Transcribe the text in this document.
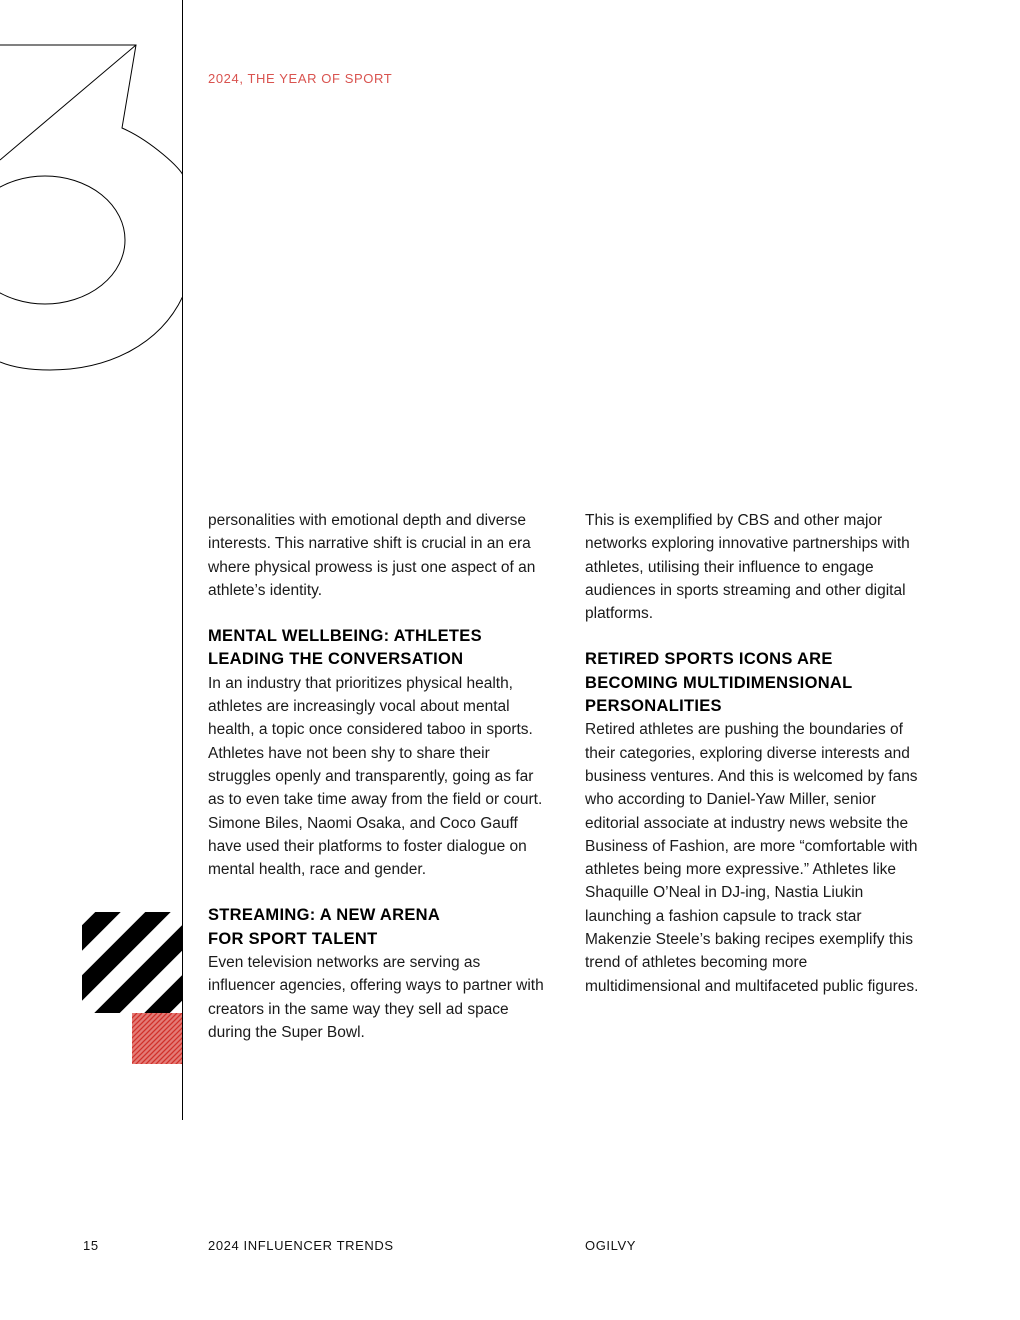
2024, THE YEAR OF SPORT

personalities with emotional depth and diverse interests. This narrative shift is crucial in an era where physical prowess is just one aspect of an athlete’s identity.

MENTAL WELLBEING: ATHLETES
LEADING THE CONVERSATION

In an industry that prioritizes physical health, athletes are increasingly vocal about mental health, a topic once considered taboo in sports. Athletes have not been shy to share their struggles openly and transparently, going as far as to even take time away from the field or court. Simone Biles, Naomi Osaka, and Coco Gauff have used their platforms to foster dialogue on mental health, race and gender.

STREAMING: A NEW ARENA
FOR SPORT TALENT

Even television networks are serving as influencer agencies, offering ways to partner with creators in the same way they sell ad space during the Super Bowl.

This is exemplified by CBS and other major networks exploring innovative partnerships with athletes, utilising their influence to engage audiences in sports streaming and other digital platforms.

RETIRED SPORTS ICONS ARE
BECOMING MULTIDIMENSIONAL
PERSONALITIES

Retired athletes are pushing the boundaries of their categories, exploring diverse interests and business ventures. And this is welcomed by fans who according to Daniel-Yaw Miller, senior editorial associate at industry news website the Business of Fashion, are more “comfortable with athletes being more expressive.” Athletes like Shaquille O’Neal in DJ-ing, Nastia Liukin launching a fashion capsule to track star Makenzie Steele’s baking recipes exemplify this trend of athletes becoming more multidimensional and multifaceted public figures.

15	2024 INFLUENCER TRENDS	OGILVY
